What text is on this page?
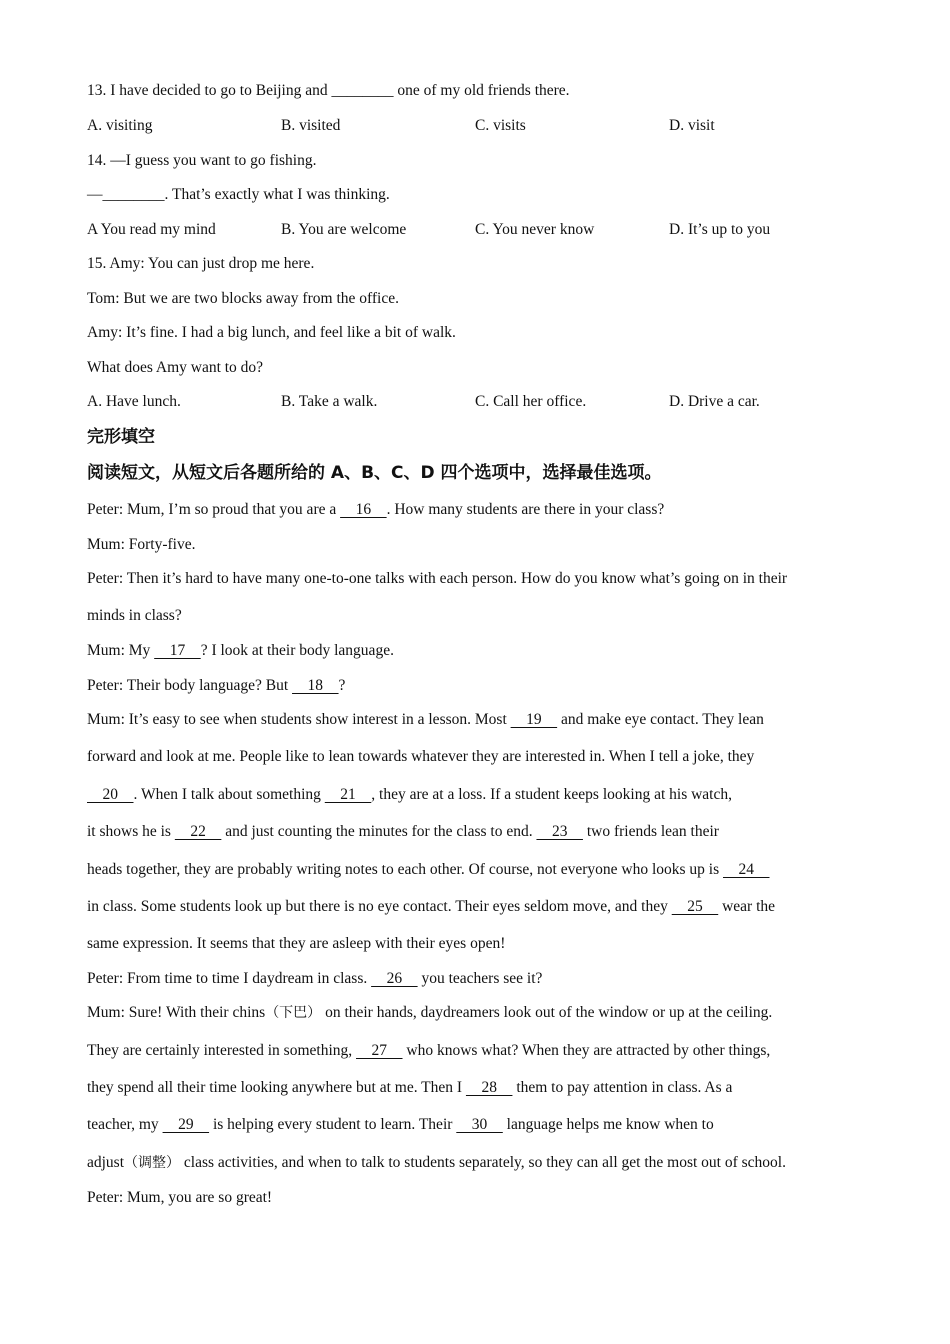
13. I have decided to go to Beijing and ________ one of my old friends there.
A. visiting	B. visited	C. visits	D. visit
14. —I guess you want to go fishing.
—________. That’s exactly what I was thinking.
A You read my mind	B. You are welcome	C. You never know	D. It’s up to you
15. Amy: You can just drop me here.
Tom: But we are two blocks away from the office.
Amy: It’s fine. I had a big lunch, and feel like a bit of walk.
What does Amy want to do?
A. Have lunch.	B. Take a walk.	C. Call her office.	D. Drive a car.
完形填空
阅读短文，从短文后各题所给的 A、B、C、D 四个选项中，选择最佳选项。
Peter: Mum, I’m so proud that you are a     16    . How many students are there in your class?
Mum: Forty-five.
Peter: Then it’s hard to have many one-to-one talks with each person. How do you know what’s going on in their
minds in class?
Mum: My     17    ? I look at their body language.
Peter: Their body language? But     18    ?
Mum: It’s easy to see when students show interest in a lesson. Most     19     and make eye contact. They lean
forward and look at me. People like to lean towards whatever they are interested in. When I tell a joke, they
20    . When I talk about something     21    , they are at a loss. If a student keeps looking at his watch,
it shows he is     22     and just counting the minutes for the class to end.     23     two friends lean their
heads together, they are probably writing notes to each other. Of course, not everyone who looks up is     24
in class. Some students look up but there is no eye contact. Their eyes seldom move, and they     25     wear the
same expression. It seems that they are asleep with their eyes open!
Peter: From time to time I daydream in class.     26     you teachers see it?
Mum: Sure! With their chins（下巴） on their hands, daydreamers look out of the window or up at the ceiling.
They are certainly interested in something,     27     who knows what? When they are attracted by other things,
they spend all their time looking anywhere but at me. Then I     28     them to pay attention in class. As a
teacher, my     29     is helping every student to learn. Their     30     language helps me know when to
adjust（调整） class activities, and when to talk to students separately, so they can all get the most out of school.
Peter: Mum, you are so great!
